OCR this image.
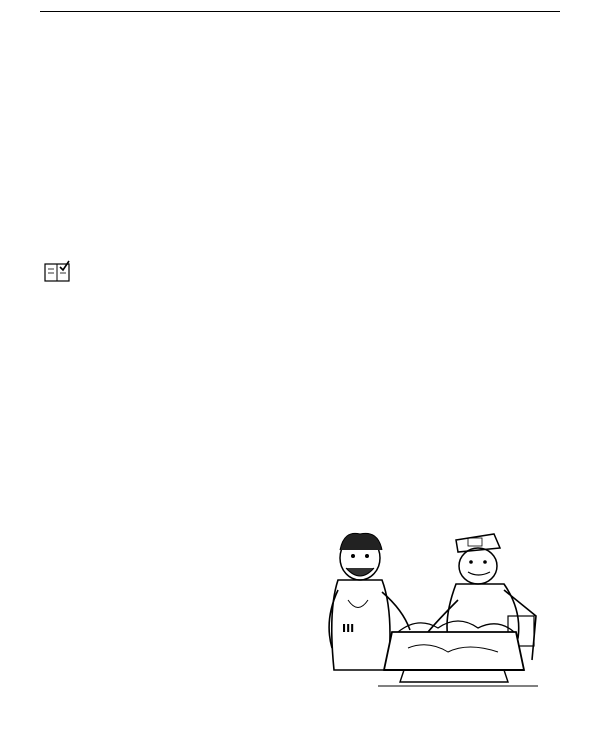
III
